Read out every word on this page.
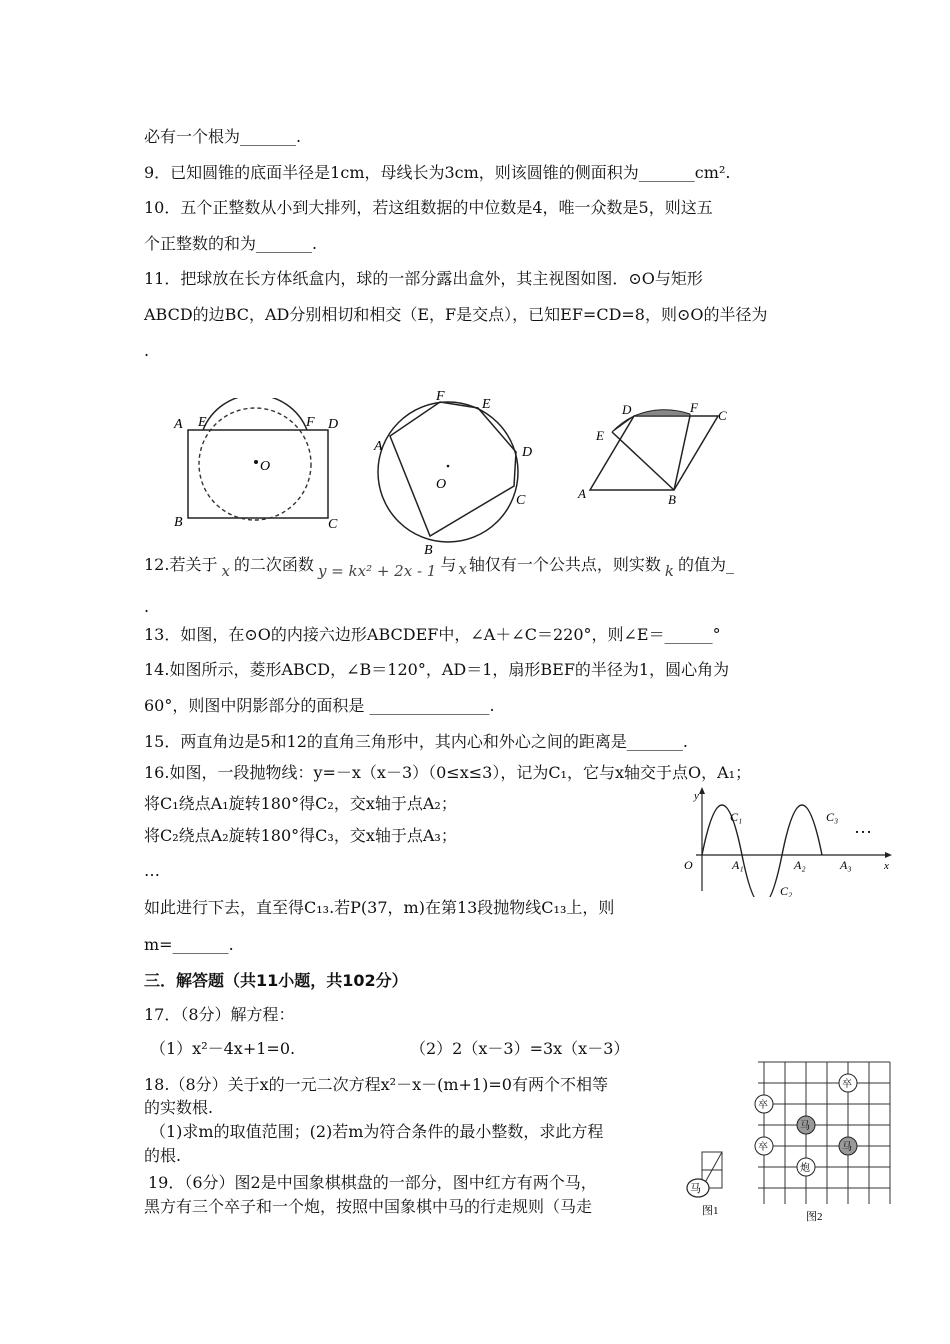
必有一个根为_______.
9．已知圆锥的底面半径是1cm，母线长为3cm，则该圆锥的侧面积为_______cm².
10．五个正整数从小到大排列，若这组数据的中位数是4，唯一众数是5，则这五
个正整数的和为_______.
11．把球放在长方体纸盒内，球的一部分露出盒外，其主视图如图．⊙O与矩形
ABCD的边BC，AD分别相切和相交（E，F是交点），已知EF=CD=8，则⊙O的半径为
.
A E	F D
B	C
O
F
E
D
C
B
A
O
D	F
C
E
A	B
12.若关于 x 的二次函数 y = kx² + 2x - 1 与 x 轴仅有一个公共点，则实数 k 的值为_
.
13．如图，在⊙O的内接六边形ABCDEF中，∠A＋∠C＝220°，则∠E＝______°
14.如图所示，菱形ABCD，∠B＝120°，AD＝1，扇形BEF的半径为1，圆心角为
60°，则图中阴影部分的面积是 _______________.
15．两直角边是5和12的直角三角形中，其内心和外心之间的距离是_______.
16.如图，一段抛物线：y=－x（x－3）（0≤x≤3），记为C₁，它与x轴交于点O，A₁；
将C₁绕点A₁旋转180°得C₂，交x轴于点A₂；
将C₂绕点A₂旋转180°得C₃，交x轴于点A₃；
…
如此进行下去，直至得C₁₃.若P(37，m)在第13段抛物线C₁₃上，则
m=_______.
y
x
O	A₁	A₂	A₃
C₁
C₂
C₃ …
三．解答题（共11小题，共102分）
17．（8分）解方程：
（1）x²－4x+1=0.	（2）2（x－3）=3x（x－3）
18.（8分）关于x的一元二次方程x²－x－(m+1)=0有两个不相等
的实数根.
（1)求m的取值范围；(2)若m为符合条件的最小整数，求此方程
的根.
19．（6分）图2是中国象棋棋盘的一部分，图中红方有两个马，
黑方有三个卒子和一个炮，按照中国象棋中马的行走规则（马走
马
图1
卒
卒
马
卒	马
炮
图2
